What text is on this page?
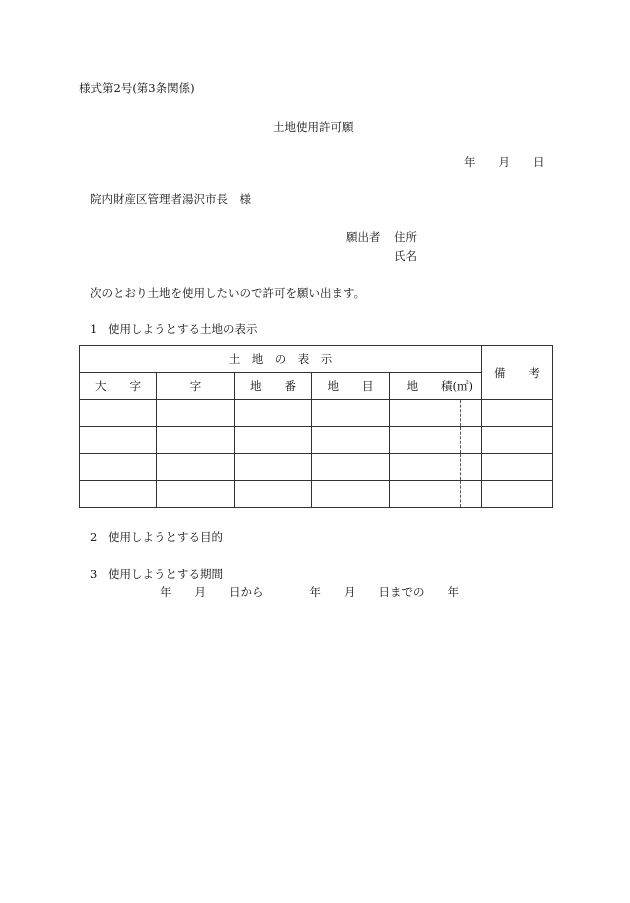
様式第2号(第3条関係)
土地使用許可願
年　　月　　日
院内財産区管理者湯沢市長　様
願出者 住所
氏名
次のとおり土地を使用したいので許可を願い出ます。
1 使用しようとする土地の表示
土　地　の　表　示					備　　考
大　　字	字	地　　番	地　　目	地　　積(㎡)	

2 使用しようとする目的
3 使用しようとする期間
年　　月　　日から　　　　年　　月　　日までの　　年
